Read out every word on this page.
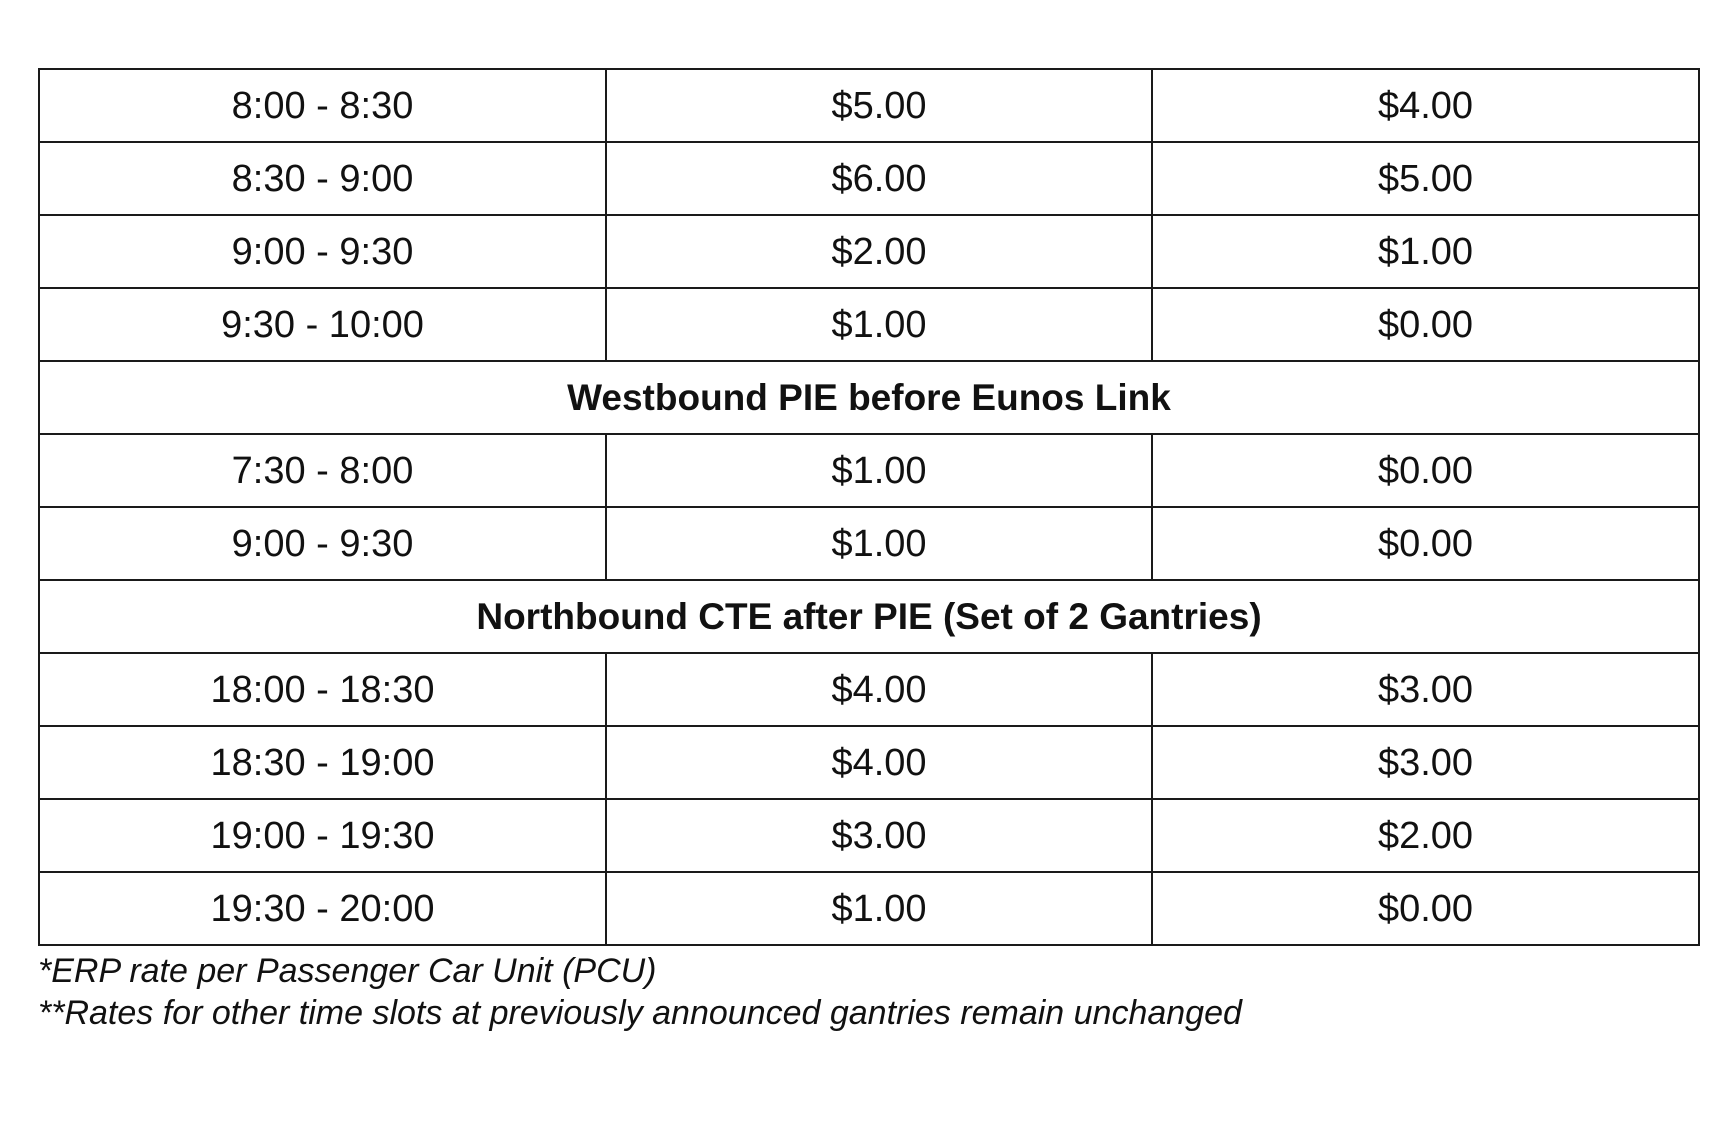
8:00 - 8:30	$5.00	$4.00
8:30 - 9:00	$6.00	$5.00
9:00 - 9:30	$2.00	$1.00
9:30 - 10:00	$1.00	$0.00
Westbound PIE before Eunos Link		
7:30 - 8:00	$1.00	$0.00
9:00 - 9:30	$1.00	$0.00
Northbound CTE after PIE (Set of 2 Gantries)		
18:00 - 18:30	$4.00	$3.00
18:30 - 19:00	$4.00	$3.00
19:00 - 19:30	$3.00	$2.00
19:30 - 20:00	$1.00	$0.00
*ERP rate per Passenger Car Unit (PCU)
**Rates for other time slots at previously announced gantries remain unchanged
